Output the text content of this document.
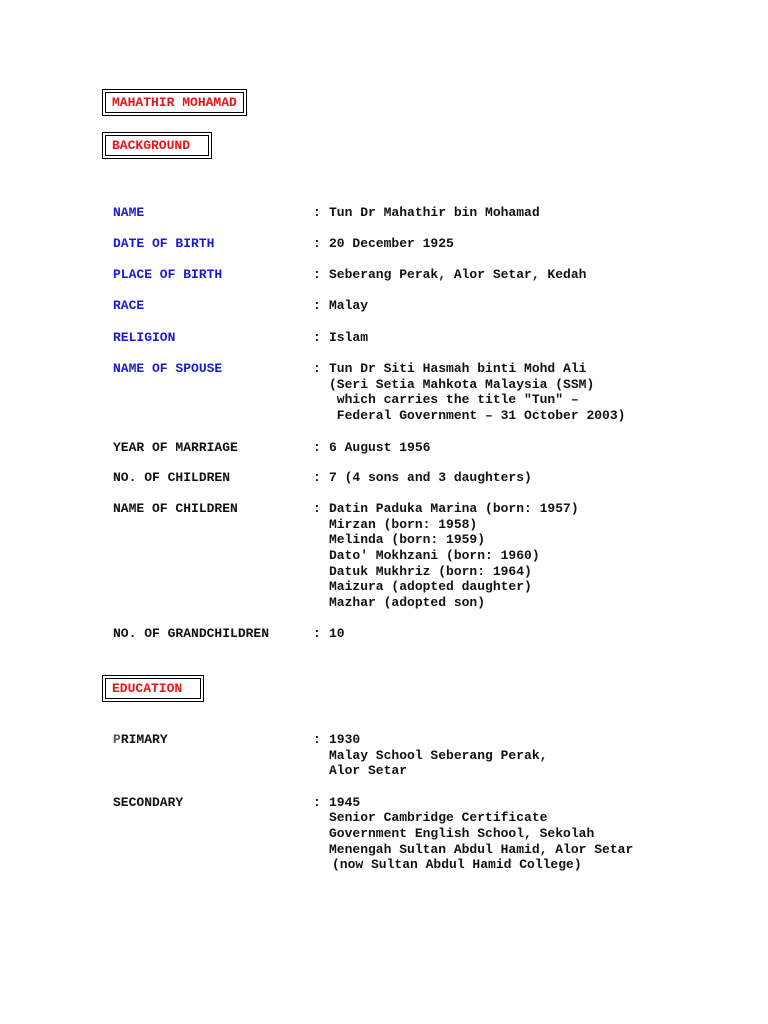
MAHATHIR MOHAMAD
BACKGROUND
NAME	: Tun Dr Mahathir bin Mohamad
DATE OF BIRTH	: 20 December 1925
PLACE OF BIRTH	: Seberang Perak, Alor Setar, Kedah
RACE	: Malay
RELIGION	: Islam
NAME OF SPOUSE	: Tun Dr Siti Hasmah binti Mohd Ali
(Seri Setia Mahkota Malaysia (SSM)
which carries the title "Tun" –
Federal Government – 31 October 2003)
YEAR OF MARRIAGE	: 6 August 1956
NO. OF CHILDREN	: 7 (4 sons and 3 daughters)
NAME OF CHILDREN	: Datin Paduka Marina (born: 1957)
Mirzan (born: 1958)
Melinda (born: 1959)
Dato' Mokhzani (born: 1960)
Datuk Mukhriz (born: 1964)
Maizura (adopted daughter)
Mazhar (adopted son)
NO. OF GRANDCHILDREN	: 10
EDUCATION
PRIMARY	: 1930
Malay School Seberang Perak,
Alor Setar
SECONDARY	: 1945
Senior Cambridge Certificate
Government English School, Sekolah
Menengah Sultan Abdul Hamid, Alor Setar
(now Sultan Abdul Hamid College)
